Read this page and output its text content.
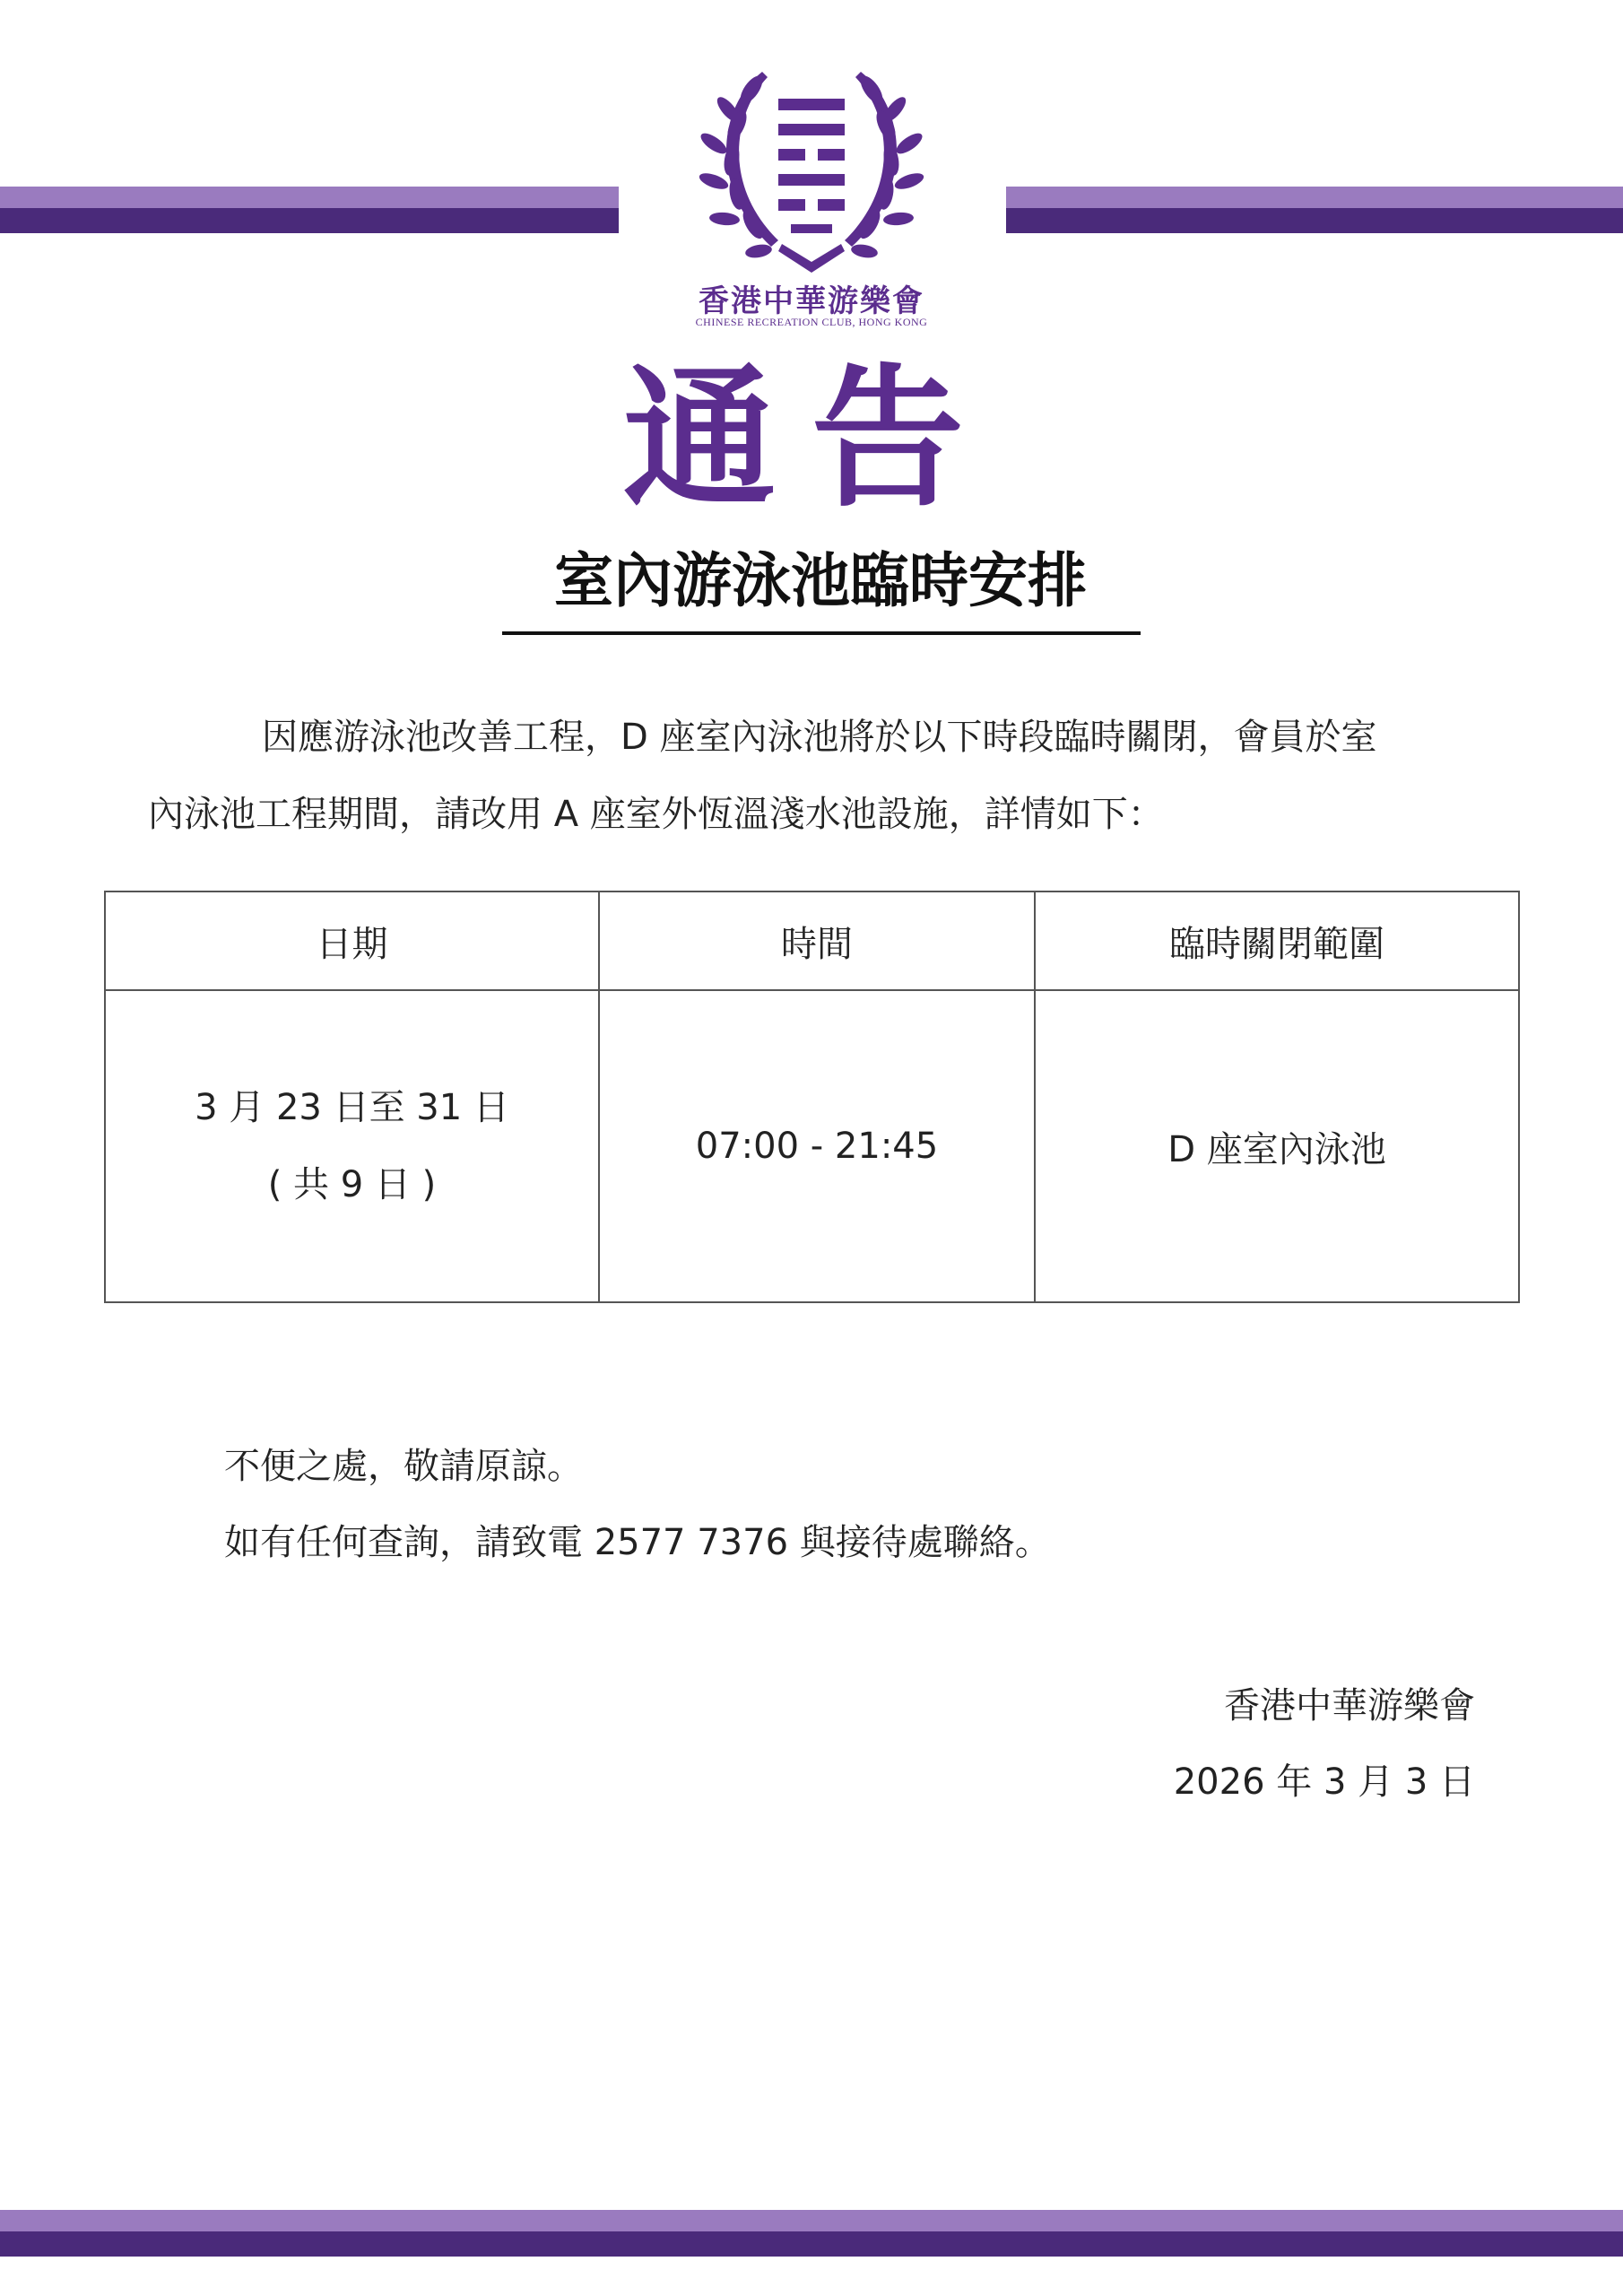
香港中華游樂會
CHINESE RECREATION CLUB, HONG KONG
通告
室內游泳池臨時安排
因應游泳池改善工程，D 座室內泳池將於以下時段臨時關閉，會員於室
內泳池工程期間，請改用 A 座室外恆溫淺水池設施，詳情如下：
日期	時間	臨時關閉範圍

3 月 23 日至 31 日
( 共 9 日 )	07:00 - 21:45	D 座室內泳池
不便之處，敬請原諒。
如有任何查詢，請致電 2577 7376 與接待處聯絡。
香港中華游樂會
2026 年 3 月 3 日
